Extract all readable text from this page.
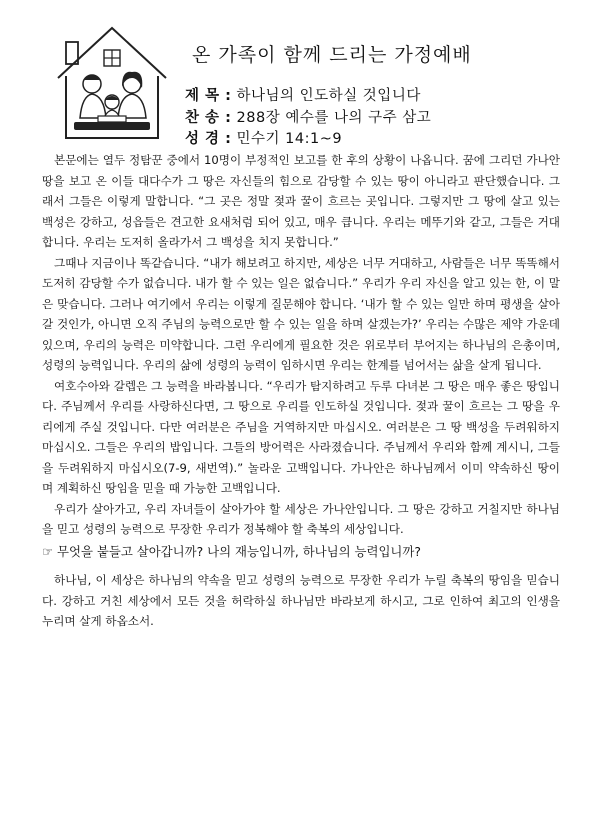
온 가족이 함께 드리는 가정예배
제 목 : 하나님의 인도하실 것입니다
찬 송 : 288장 예수를 나의 구주 삼고
성 경 : 민수기 14:1~9

본문에는 열두 정탐꾼 중에서 10명이 부정적인 보고를 한 후의 상황이 나옵니다. 꿈에 그리던 가나안 땅을 보고 온 이들 대다수가 그 땅은 자신들의 힘으로 감당할 수 있는 땅이 아니라고 판단했습니다. 그래서 그들은 이렇게 말합니다. “그 곳은 정말 젖과 꿀이 흐르는 곳입니다. 그렇지만 그 땅에 살고 있는 백성은 강하고, 성읍들은 견고한 요새처럼 되어 있고, 매우 큽니다. 우리는 메뚜기와 같고, 그들은 거대합니다. 우리는 도저히 올라가서 그 백성을 치지 못합니다.”

그때나 지금이나 똑같습니다. “내가 해보려고 하지만, 세상은 너무 거대하고, 사람들은 너무 똑똑해서 도저히 감당할 수가 없습니다. 내가 할 수 있는 일은 없습니다.” 우리가 우리 자신을 알고 있는 한, 이 말은 맞습니다. 그러나 여기에서 우리는 이렇게 질문해야 합니다. ‘내가 할 수 있는 일만 하며 평생을 살아갈 것인가, 아니면 오직 주님의 능력으로만 할 수 있는 일을 하며 살겠는가?’ 우리는 수많은 제약 가운데 있으며, 우리의 능력은 미약합니다. 그런 우리에게 필요한 것은 위로부터 부어지는 하나님의 은총이며, 성령의 능력입니다. 우리의 삶에 성령의 능력이 임하시면 우리는 한계를 넘어서는 삶을 살게 됩니다.

여호수아와 갈렙은 그 능력을 바라봅니다. “우리가 탐지하려고 두루 다녀본 그 땅은 매우 좋은 땅입니다. 주님께서 우리를 사랑하신다면, 그 땅으로 우리를 인도하실 것입니다. 젖과 꿀이 흐르는 그 땅을 우리에게 주실 것입니다. 다만 여러분은 주님을 거역하지만 마십시오. 여러분은 그 땅 백성을 두려워하지 마십시오. 그들은 우리의 밥입니다. 그들의 방어력은 사라졌습니다. 주님께서 우리와 함께 계시니, 그들을 두려워하지 마십시오(7-9, 새번역).” 놀라운 고백입니다. 가나안은 하나님께서 이미 약속하신 땅이며 계획하신 땅임을 믿을 때 가능한 고백입니다.

우리가 살아가고, 우리 자녀들이 살아가야 할 세상은 가나안입니다. 그 땅은 강하고 거칠지만 하나님을 믿고 성령의 능력으로 무장한 우리가 정복해야 할 축복의 세상입니다.

☞ 무엇을 붙들고 살아갑니까? 나의 재능입니까, 하나님의 능력입니까?

하나님, 이 세상은 하나님의 약속을 믿고 성령의 능력으로 무장한 우리가 누릴 축복의 땅임을 믿습니다. 강하고 거친 세상에서 모든 것을 허락하실 하나님만 바라보게 하시고, 그로 인하여 최고의 인생을 누리며 살게 하옵소서.
